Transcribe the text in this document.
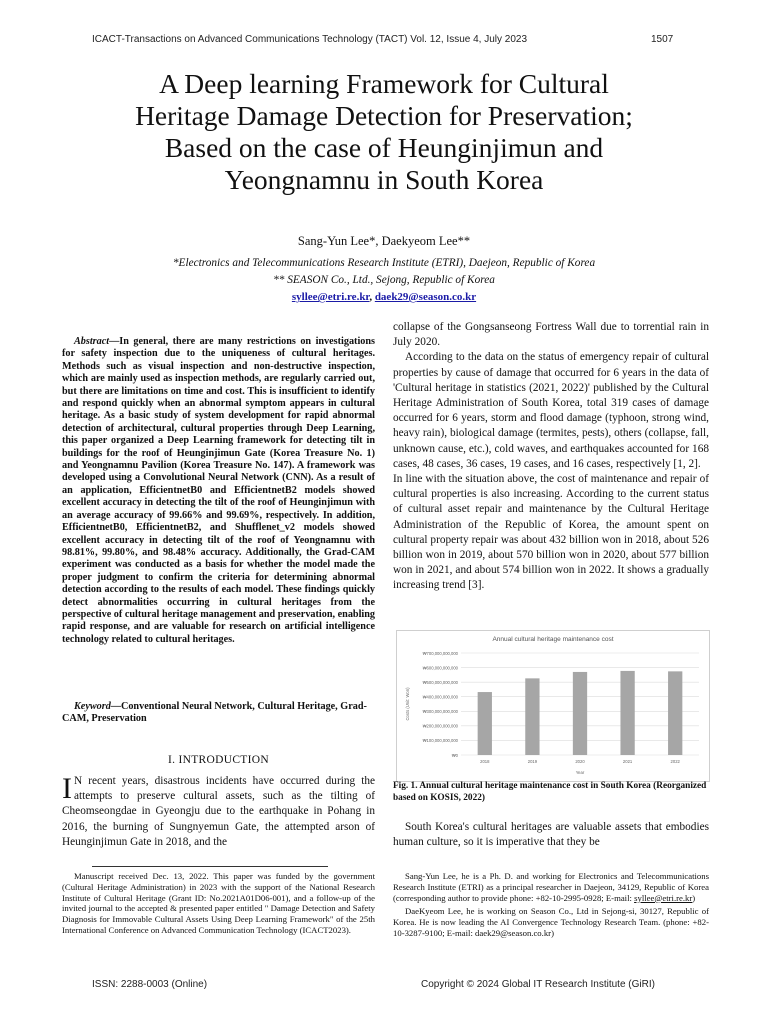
ICACT-Transactions on Advanced Communications Technology (TACT) Vol. 12, Issue 4, July 2023	1507
A Deep learning Framework for Cultural
Heritage Damage Detection for Preservation;
Based on the case of Heunginjimun and
Yeongnamnu in South Korea
Sang-Yun Lee*, Daekyeom Lee**
*Electronics and Telecommunications Research Institute (ETRI), Daejeon, Republic of Korea
** SEASON Co., Ltd., Sejong, Republic of Korea
syllee@etri.re.kr, daek29@season.co.kr
Abstract—In general, there are many restrictions on investigations for safety inspection due to the uniqueness of cultural heritages. Methods such as visual inspection and non-destructive inspection, which are mainly used as inspection methods, are regularly carried out, but there are limitations on time and cost. This is insufficient to identify and respond quickly when an abnormal symptom appears in cultural heritage. As a basic study of system development for rapid abnormal detection of architectural, cultural properties through Deep Learning, this paper organized a Deep Learning framework for detecting tilt in buildings for the roof of Heunginjimun Gate (Korea Treasure No. 1) and Yeongnamnu Pavilion (Korea Treasure No. 147). A framework was developed using a Convolutional Neural Network (CNN). As a result of an application, EfficientnetB0 and EfficientnetB2 models showed excellent accuracy in detecting the tilt of the roof of Heunginjimun with an average accuracy of 99.66% and 99.69%, respectively. In addition, EfficientnetB0, EfficientnetB2, and Shufflenet_v2 models showed excellent accuracy in detecting tilt of the roof of Yeongnamnu with 98.81%, 99.80%, and 98.48% accuracy. Additionally, the Grad-CAM experiment was conducted as a basis for whether the model made the proper judgment to confirm the criteria for determining abnormal detection according to the results of each model. These findings quickly detect abnormalities occurring in cultural heritages from the perspective of cultural heritage management and preservation, enabling rapid response, and are valuable for research on artificial intelligence technology related to cultural heritages.
Keyword—Conventional Neural Network, Cultural Heritage, Grad-CAM, Preservation
I. INTRODUCTION
I N recent years, disastrous incidents have occurred during the attempts to preserve cultural assets, such as the tilting of Cheomseongdae in Gyeongju due to the earthquake in Pohang in 2016, the burning of Sungnyemun Gate, the attempted arson of Heunginjimun Gate in 2018, and the

collapse of the Gongsanseong Fortress Wall due to torrential rain in July 2020.

According to the data on the status of emergency repair of cultural properties by cause of damage that occurred for 6 years in the data of 'Cultural heritage in statistics (2021, 2022)' published by the Cultural Heritage Administration of South Korea, total 319 cases of damage occurred for 6 years, storm and flood damage (typhoon, strong wind, heavy rain), biological damage (termites, pests), others (collapse, fall, unknown cause, etc.), cold waves, and earthquakes accounted for 168 cases, 48 cases, 36 cases, 19 cases, and 16 cases, respectively [1, 2].

In line with the situation above, the cost of maintenance and repair of cultural properties is also increasing. According to the current status of cultural asset repair and maintenance by the Cultural Heritage Administration of the Republic of Korea, the amount spent on cultural property repair was about 432 billion won in 2018, about 526 billion won in 2019, about 570 billion won in 2020, about 577 billion won in 2021, and about 574 billion won in 2022. It shows a gradually increasing trend [3].

Annual cultural heritage maintenance cost
₩0
₩100,000,000,000
₩200,000,000,000
₩300,000,000,000
₩400,000,000,000
₩500,000,000,000
₩600,000,000,000
₩700,000,000,000
Costs (Unit: Won)
2018	2019	2020	2021	2022
Year
Fig. 1. Annual cultural heritage maintenance cost in South Korea (Reorganized based on KOSIS, 2022)

South Korea's cultural heritages are valuable assets that embodies human culture, so it is imperative that they be

Manuscript received Dec. 13, 2022. This paper was funded by the government (Cultural Heritage Administration) in 2023 with the support of the National Research Institute of Cultural Heritage (Grant ID: No.2021A01D06-001), and a follow-up of the invited journal to the accepted & presented paper entitled " Damage Detection and Safety Diagnosis for Immovable Cultural Assets Using Deep Learning Framework" of the 25th International Conference on Advanced Communication Technology (ICACT2023).
Sang-Yun Lee, he is a Ph. D. and working for Electronics and Telecommunications Research Institute (ETRI) as a principal researcher in Daejeon, 34129, Republic of Korea (corresponding author to provide phone: +82-10-2995-0928; E-mail: syllee@etri.re.kr)
DaeKyeom Lee, he is working on Season Co., Ltd in Sejong-si, 30127, Republic of Korea. He is now leading the AI Convergence Technology Research Team. (phone: +82-10-3287-9100; E-mail: daek29@season.co.kr)
ISSN: 2288-0003 (Online)	Copyright © 2024 Global IT Research Institute (GiRI)
